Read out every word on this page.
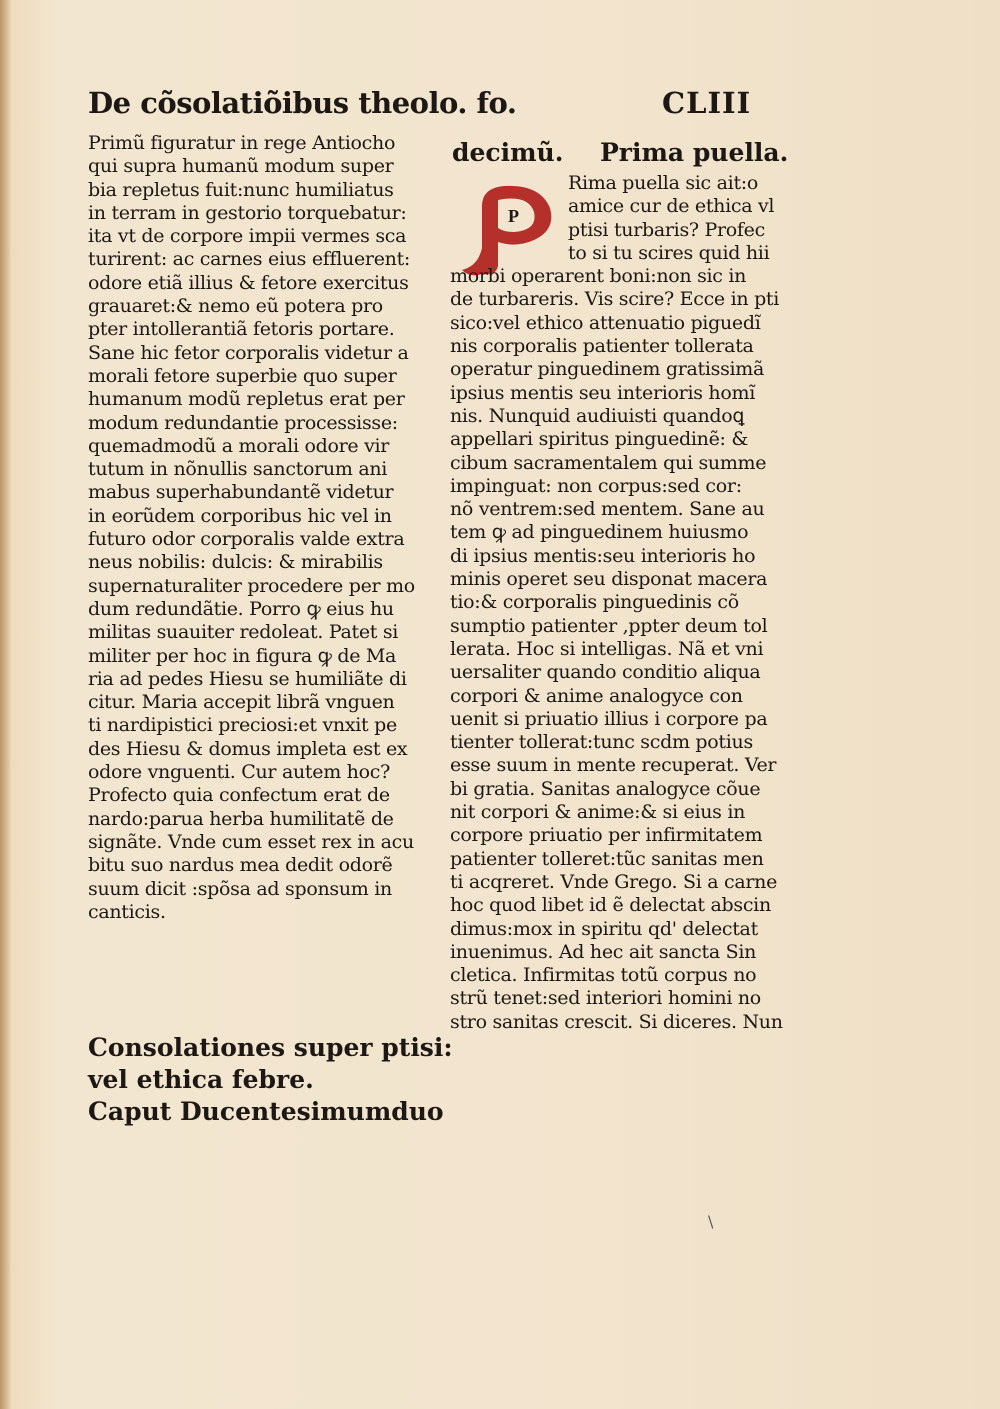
De cõsolatiõibus theolo. fo.	CLIII
Primũ figuratur in rege Antiocho
qui supra humanũ modum super
bia repletus fuit:nunc humiliatus
in terram in gestorio torquebatur:
ita vt de corpore impii vermes sca
turirent: ac carnes eius effluerent:
odore etiã illius & fetore exercitus
grauaret:& nemo eũ potera pro
pter intollerantiã fetoris portare.
Sane hic fetor corporalis videtur a
morali fetore superbie quo super
humanum modũ repletus erat per
modum redundantie processisse:
quemadmodũ a morali odore vir
tutum in nõnullis sanctorum ani
mabus superhabundantẽ videtur
in eorũdem corporibus hic vel in
futuro odor corporalis valde extra
neus nobilis: dulcis: & mirabilis
supernaturaliter procedere per mo
dum redundãtie. Porro ꝙ eius hu
militas suauiter redoleat. Patet si
militer per hoc in figura ꝙ de Ma
ria ad pedes Hiesu se humiliãte di
citur. Maria accepit librã vnguen
ti nardipistici preciosi:et vnxit pe
des Hiesu & domus impleta est ex
odore vnguenti. Cur autem hoc?
Profecto quia confectum erat de
nardo:parua herba humilitatẽ de
signãte. Vnde cum esset rex in acu
bitu suo nardus mea dedit odorẽ
suum dicit :spõsa ad sponsum in
canticis.
Consolationes super ptisi:
vel ethica febre.
Caput Ducentesimumduo
decimũ. Prima puella.
P
Rima puella sic ait:o
amice cur de ethica vl
ptisi turbaris? Profec
to si tu scires quid hii
morbi operarent boni:non sic in
de turbareris. Vis scire? Ecce in pti
sico:vel ethico attenuatio piguedĩ
nis corporalis patienter tollerata
operatur pinguedinem gratissimã
ipsius mentis seu interioris homĩ
nis. Nunquid audiuisti quandoꝗ
appellari spiritus pinguedinẽ: &
cibum sacramentalem qui summe
impinguat: non corpus:sed cor:
nõ ventrem:sed mentem. Sane au
tem ꝙ ad pinguedinem huiusmo
di ipsius mentis:seu interioris ho
minis operet seu disponat macera
tio:& corporalis pinguedinis cõ
sumptio patienter ,ppter deum tol
lerata. Hoc si intelligas. Nã et vni
uersaliter quando conditio aliqua
corpori & anime analogyce con
uenit si priuatio illius i corpore pa
tienter tollerat:tunc scdm potius
esse suum in mente recuperat. Ver
bi gratia. Sanitas analogyce cõue
nit corpori & anime:& si eius in
corpore priuatio per infirmitatem
patienter tolleret:tũc sanitas men
ti acqreret. Vnde Grego. Si a carne
hoc quod libet id ẽ delectat abscin
dimus:mox in spiritu qd' delectat
inuenimus. Ad hec ait sancta Sin
cletica. Infirmitas totũ corpus no
strũ tenet:sed interiori homini no
stro sanitas crescit. Si diceres. Nun
\
